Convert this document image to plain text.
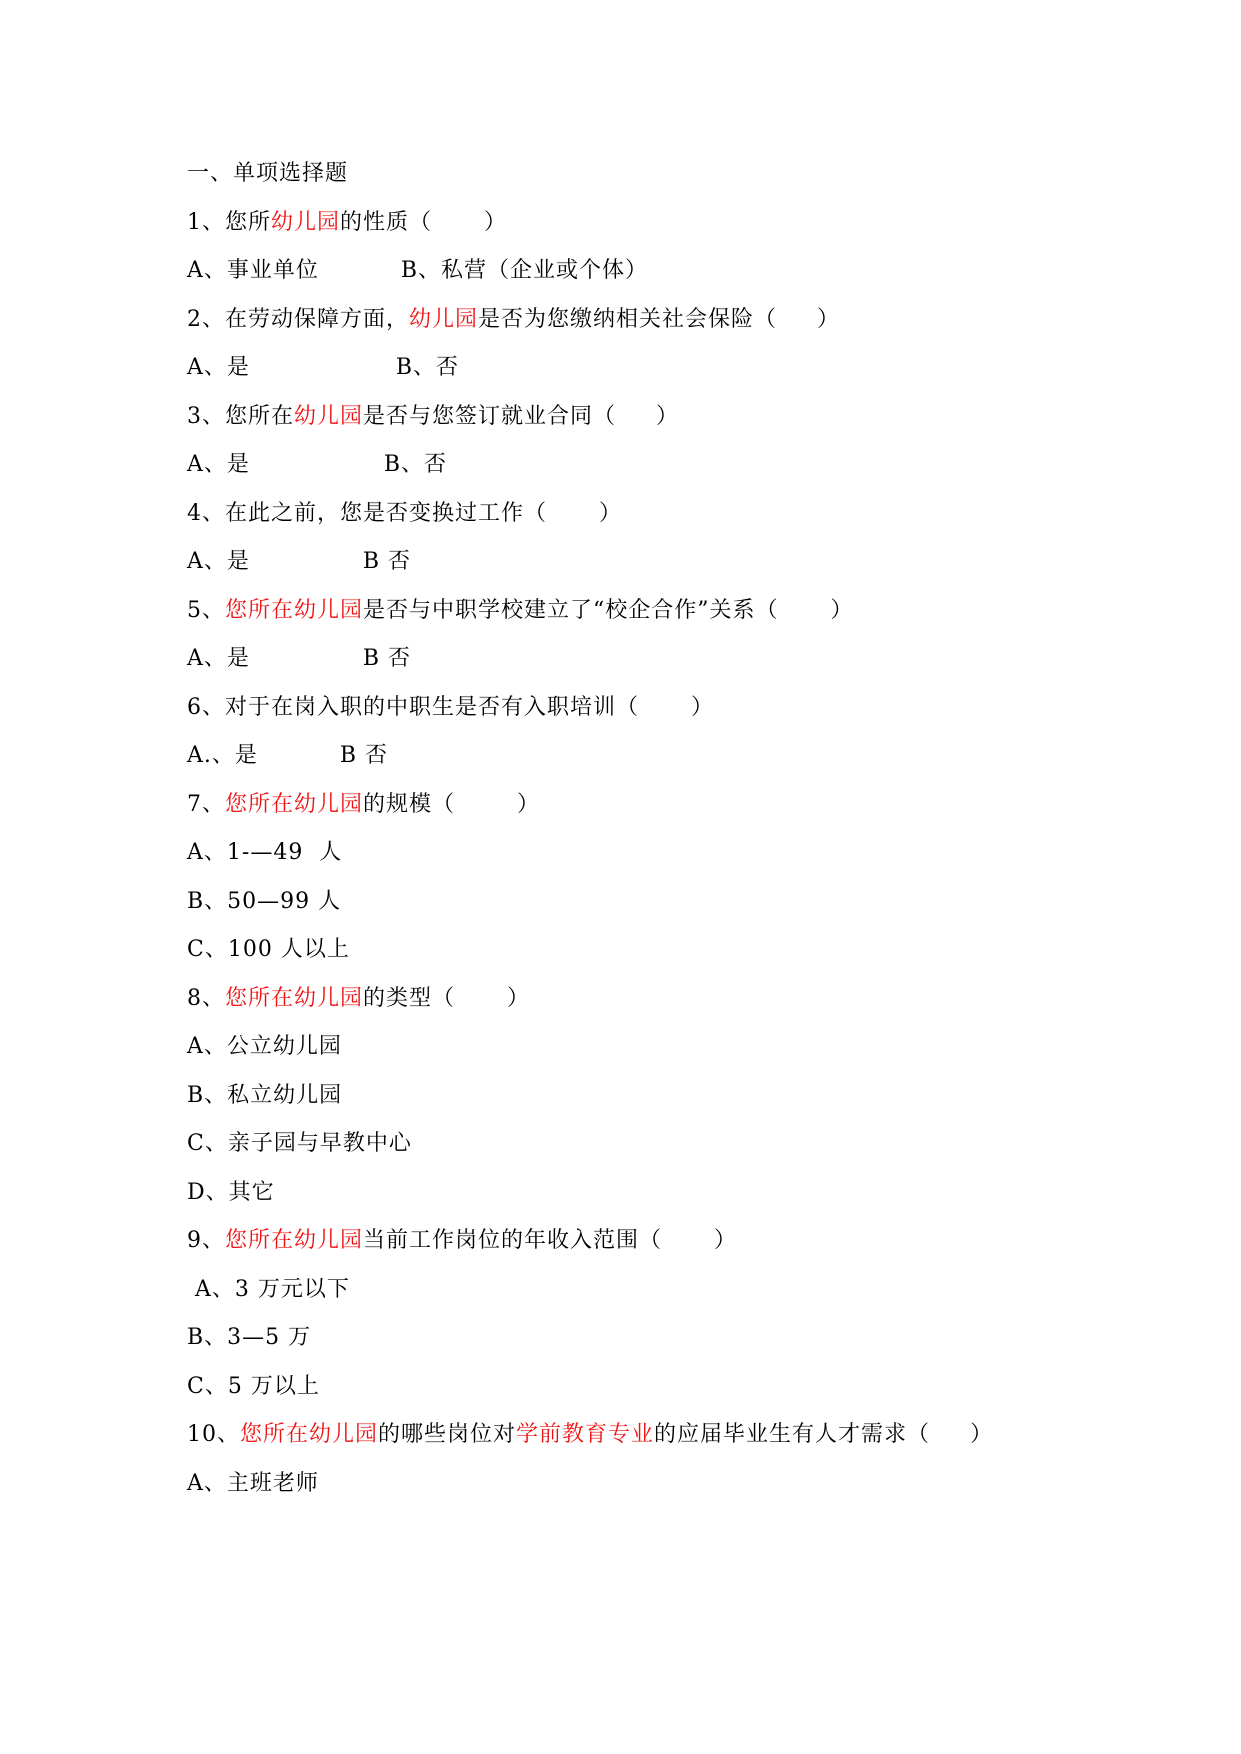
一、单项选择题
1、您所幼儿园的性质（ ）
A、事业单位	B、私营（企业或个体）
2、在劳动保障方面，幼儿园是否为您缴纳相关社会保险（ ）
A、是	B、否
3、您所在幼儿园是否与您签订就业合同（ ）
A、是	B、否
4、在此之前，您是否变换过工作（ ）
A、是	B 否
5、您所在幼儿园是否与中职学校建立了“校企合作”关系（ ）
A、是	B 否
6、对于在岗入职的中职生是否有入职培训（ ）
A.、是	B 否
7、您所在幼儿园的规模（	）
A、1-—49  人
B、50—99 人
C、100 人以上
8、您所在幼儿园的类型（ ）
A、公立幼儿园
B、私立幼儿园
C、亲子园与早教中心
D、其它
9、您所在幼儿园当前工作岗位的年收入范围（ ）
A、3 万元以下
B、3—5 万
C、5 万以上
10、您所在幼儿园的哪些岗位对学前教育专业的应届毕业生有人才需求（ ）
A、主班老师
